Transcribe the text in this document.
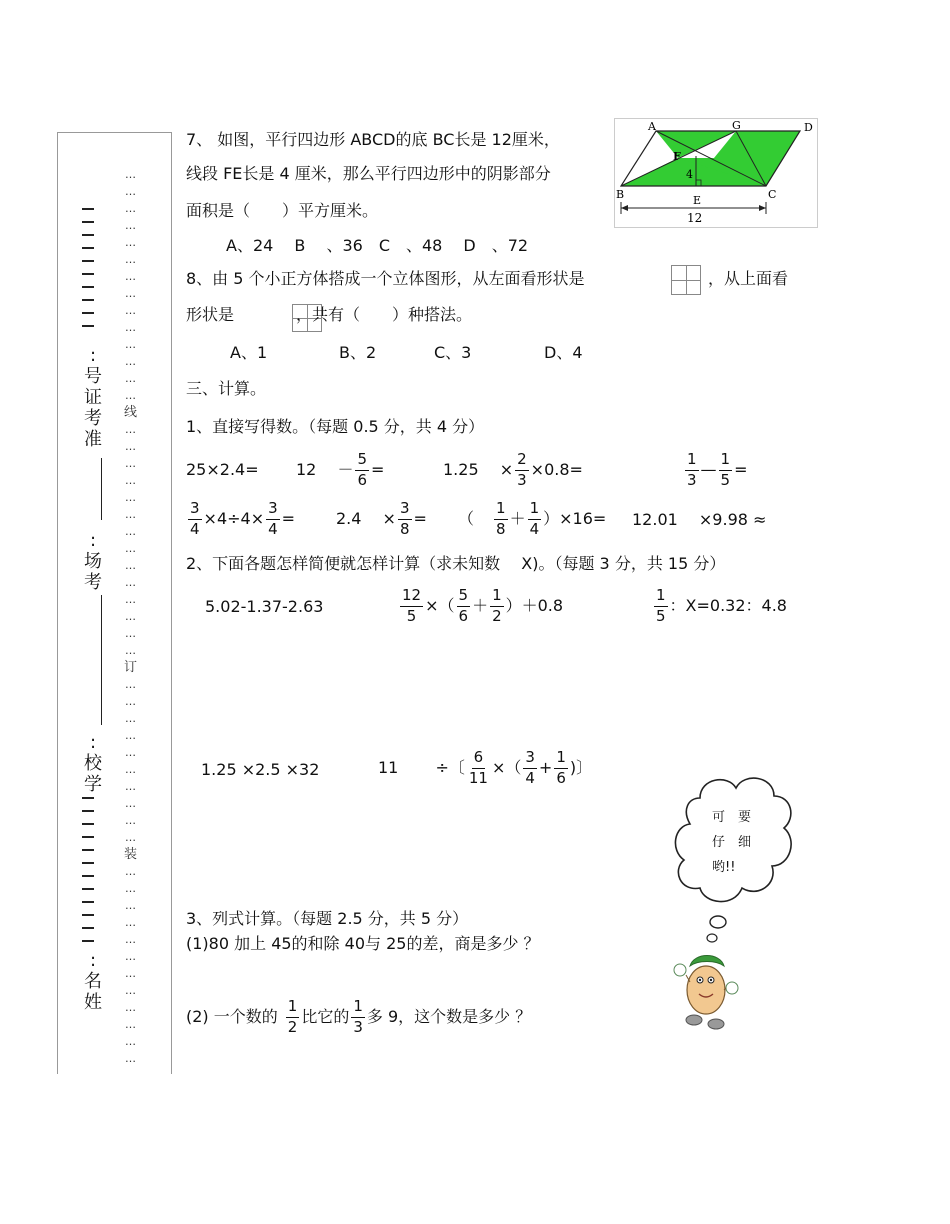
…
…
…
…
…
…
…
…
…
…
…
…
…
…
线
…
…
…
…
…
…
…
…
…
…
…
…
…
…
订
…
…
…
…
…
…
…
…
…
…
装
…
…
…
…
…
…
…
…
…
…
…
…
:
号
证
考
准
:
场
考
:
校
学
:
名
姓
7、 如图，平行四边形 ABCD的底 BC长是 12厘米，
线段 FE长是 4 厘米，那么平行四边形中的阴影部分
面积是（　　）平方厘米。
A、24　 B 　、36　C　、48　 D　、72
A	G	D
F
4
B	E	C
12
8、由 5 个小正方体搭成一个立体图形，从左面看形状是
	，从上面看
形状是	，共有（　　）种搭法。
A、1	B、2	C、3	D、4
三、计算。
1、直接写得数。（每题 0.5 分，共 4 分）
25×2.4= 12　 － $\frac{5}{6}$ =	1.25　 × $\frac{2}{3} \times 0.8=$	$\frac{1}{3}$ — $\frac{1}{5}$ =
$\frac{3}{4} \times 4\div 4\times \frac{3}{4}$ =	2.4　 × $\frac{3}{8}$ = （ $\frac{1}{8} + \frac{1}{4} )\times 16= 12.01$　 ×9.98 ≈
2、下面各题怎样简便就怎样计算（求未知数　 X)。（每题 3 分，共 15 分）
5.02-1.37-2.63	$\frac{12}{5}$ ×（ $\frac{5}{6} + \frac{1}{2} )+0.8$	$\frac{1}{5}$ ：X=0.32：4.8
1.25 ×2.5 ×32	11　　 ÷〔 $\frac{6}{11}$ ×（ $\frac{3}{4} + \frac{1}{6}$ )〕
可　要
仔　细
哟!!
3、列式计算。（每题 2.5 分，共 5 分）
(1)80 加上 45的和除 40与 25的差，商是多少 ？
(2) 一个数的 $\frac{1}{2}$ 比它的 $\frac{1}{3}$ 多 9，这个数是多少 ？
